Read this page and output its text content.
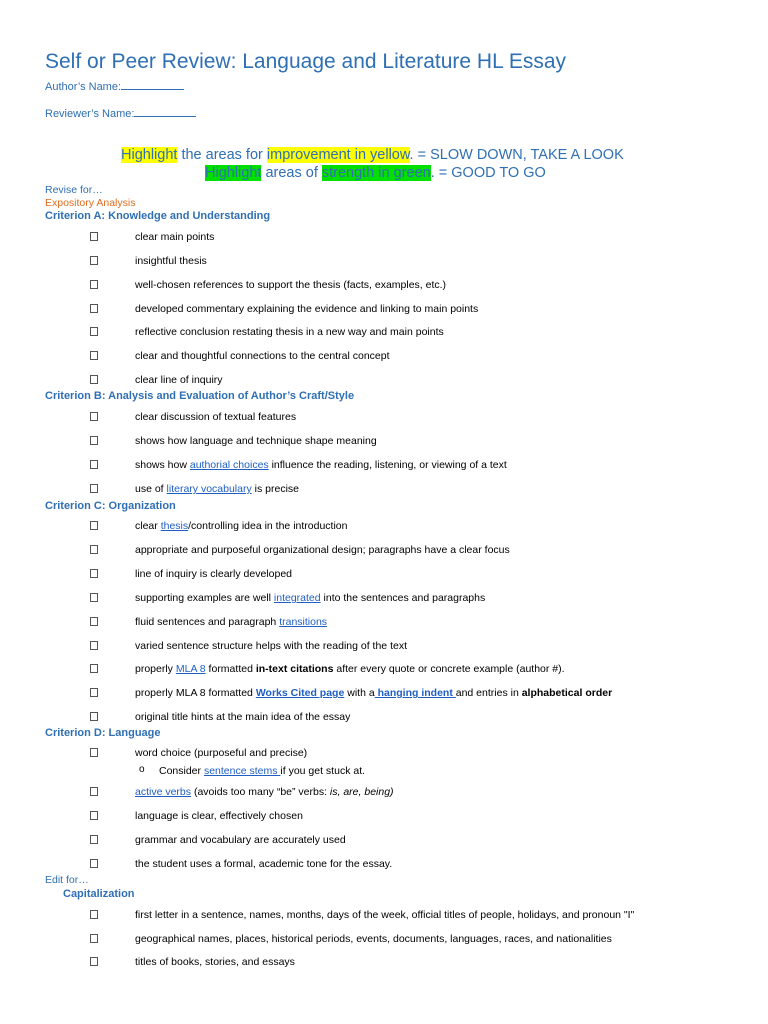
Self or Peer Review: Language and Literature HL Essay
Author’s Name:
Reviewer’s Name:
Highlight the areas for improvement in yellow. = SLOW DOWN, TAKE A LOOK
Highlight areas of strength in green. = GOOD TO GO
Revise for…
Expository Analysis
Criterion A: Knowledge and Understanding
clear main points
insightful thesis
well-chosen references to support the thesis (facts, examples, etc.)
developed commentary explaining the evidence and linking to main points
reflective conclusion restating thesis in a new way and main points
clear and thoughtful connections to the central concept
clear line of inquiry
Criterion B: Analysis and Evaluation of Author’s Craft/Style
clear discussion of textual features
shows how language and technique shape meaning
shows how authorial choices influence the reading, listening, or viewing of a text
use of literary vocabulary is precise
Criterion C: Organization
clear thesis/controlling idea in the introduction
appropriate and purposeful organizational design; paragraphs have a clear focus
line of inquiry is clearly developed
supporting examples are well integrated into the sentences and paragraphs
fluid sentences and paragraph transitions
varied sentence structure helps with the reading of the text
properly MLA 8 formatted in-text citations after every quote or concrete example (author #).
properly MLA 8 formatted Works Cited page with a hanging indent and entries in alphabetical order
original title hints at the main idea of the essay
Criterion D: Language
word choice (purposeful and precise)
o Consider sentence stems if you get stuck at.
active verbs (avoids too many “be” verbs: is, are, being)
language is clear, effectively chosen
grammar and vocabulary are accurately used
the student uses a formal, academic tone for the essay.
Edit for…
Capitalization
first letter in a sentence, names, months, days of the week, official titles of people, holidays, and pronoun "I"
geographical names, places, historical periods, events, documents, languages, races, and nationalities
titles of books, stories, and essays
